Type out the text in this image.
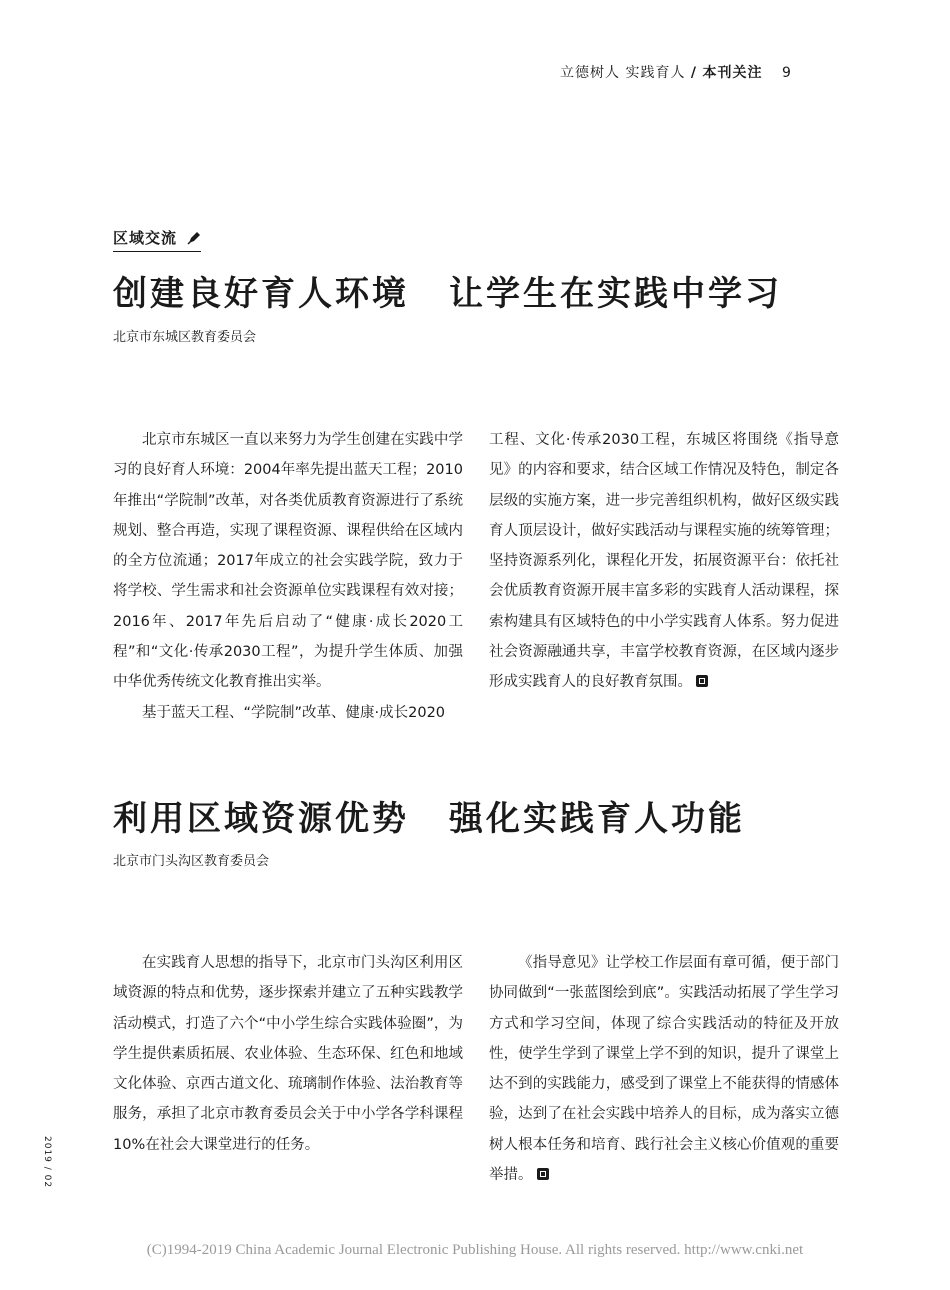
立德树人 实践育人 / 本刊关注 9
区域交流
创建良好育人环境 让学生在实践中学习
北京市东城区教育委员会

北京市东城区一直以来努力为学生创建在实践中学习的良好育人环境：2004年率先提出蓝天工程；2010年推出“学院制”改革，对各类优质教育资源进行了系统规划、整合再造，实现了课程资源、课程供给在区域内的全方位流通；2017年成立的社会实践学院，致力于将学校、学生需求和社会资源单位实践课程有效对接；2016年、2017年先后启动了“健康·成长2020工程”和“文化·传承2030工程”，为提升学生体质、加强中华优秀传统文化教育推出实举。

基于蓝天工程、“学院制”改革、健康·成长2020

工程、文化·传承2030工程，东城区将围绕《指导意见》的内容和要求，结合区域工作情况及特色，制定各层级的实施方案，进一步完善组织机构，做好区级实践育人顶层设计，做好实践活动与课程实施的统筹管理；坚持资源系列化，课程化开发，拓展资源平台：依托社会优质教育资源开展丰富多彩的实践育人活动课程，探索构建具有区域特色的中小学实践育人体系。努力促进社会资源融通共享，丰富学校教育资源，在区域内逐步形成实践育人的良好教育氛围。

利用区域资源优势 强化实践育人功能
北京市门头沟区教育委员会

在实践育人思想的指导下，北京市门头沟区利用区域资源的特点和优势，逐步探索并建立了五种实践教学活动模式，打造了六个“中小学生综合实践体验圈”，为学生提供素质拓展、农业体验、生态环保、红色和地域文化体验、京西古道文化、琉璃制作体验、法治教育等服务，承担了北京市教育委员会关于中小学各学科课程10%在社会大课堂进行的任务。

《指导意见》让学校工作层面有章可循，便于部门协同做到“一张蓝图绘到底”。实践活动拓展了学生学习方式和学习空间，体现了综合实践活动的特征及开放性，使学生学到了课堂上学不到的知识，提升了课堂上达不到的实践能力，感受到了课堂上不能获得的情感体验，达到了在社会实践中培养人的目标，成为落实立德树人根本任务和培育、践行社会主义核心价值观的重要举措。

2019 / 02
(C)1994-2019 China Academic Journal Electronic Publishing House. All rights reserved. http://www.cnki.net
